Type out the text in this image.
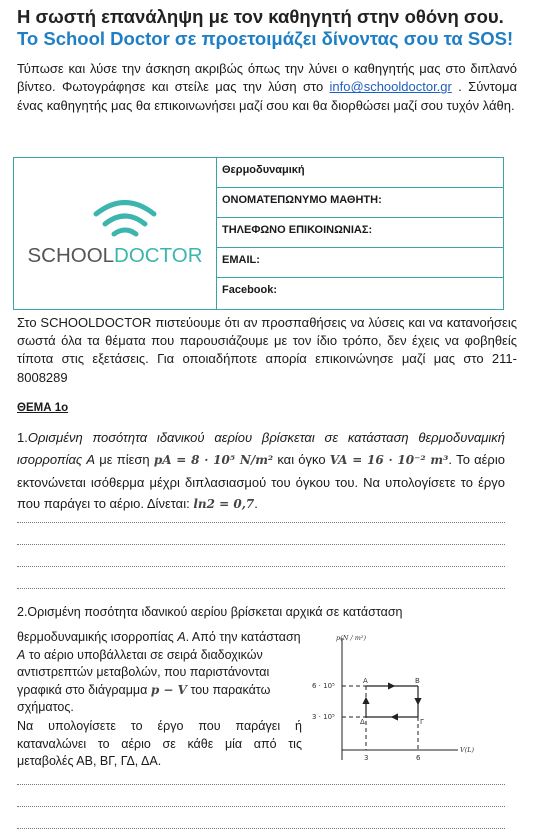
Η σωστή επανάληψη με τον καθηγητή στην οθόνη σου.
Το School Doctor σε προετοιμάζει δίνοντας σου τα SOS!
Τύπωσε και λύσε την άσκηση ακριβώς όπως την λύνει ο καθηγητής μας στο διπλανό βίντεο. Φωτογράφησε και στείλε μας την λύση στο info@schooldoctor.gr . Σύντομα ένας καθηγητής μας θα επικοινωνήσει μαζί σου και θα διορθώσει μαζί σου τυχόν λάθη.
SCHOOLDOCTOR
Θερμοδυναμική
ΟΝΟΜΑΤΕΠΩΝΥΜΟ ΜΑΘΗΤΗ:
ΤΗΛΕΦΩΝΟ ΕΠΙΚΟΙΝΩΝΙΑΣ:
EMAIL:
Facebook:
Στο SCHOOLDOCTOR πιστεύουμε ότι αν προσπαθήσεις να λύσεις και να κατανοήσεις σωστά όλα τα θέματα που παρουσιάζουμε με τον ίδιο τρόπο, δεν έχεις να φοβηθείς τίποτα στις εξετάσεις. Για οποιαδήποτε απορία επικοινώνησε μαζί μας στο 211-8008289
ΘΕΜΑ 1ο
1.Ορισμένη ποσότητα ιδανικού αερίου βρίσκεται σε κατάσταση θερμοδυναμική ισορροπίας Α με πίεση pA = 8 · 10⁵ N/m² και όγκο VA = 16 · 10⁻² m³. Το αέριο εκτονώνεται ισόθερμα μέχρι διπλασιασμού του όγκου του. Να υπολογίσετε το έργο που παράγει το αέριο. Δίνεται: ln2 = 0,7.
2.Ορισμένη ποσότητα ιδανικού αερίου βρίσκεται αρχικά σε κατάσταση
θερμοδυναμικής ισορροπίας Α. Από την κατάσταση Α το αέριο υποβάλλεται σε σειρά διαδοχικών αντιστρεπτών μεταβολών, που παριστάνονται γραφικά στο διάγραμμα p − V του παρακάτω σχήματος.
Να υπολογίσετε το έργο που παράγει ή καταναλώνει το αέριο σε κάθε μία από τις μεταβολές ΑΒ, ΒΓ, ΓΔ, ΔΑ.
p(N / m²)
V(L)
6 · 10⁵
3 · 10⁵
3	6
A	B
Γ
Δ
